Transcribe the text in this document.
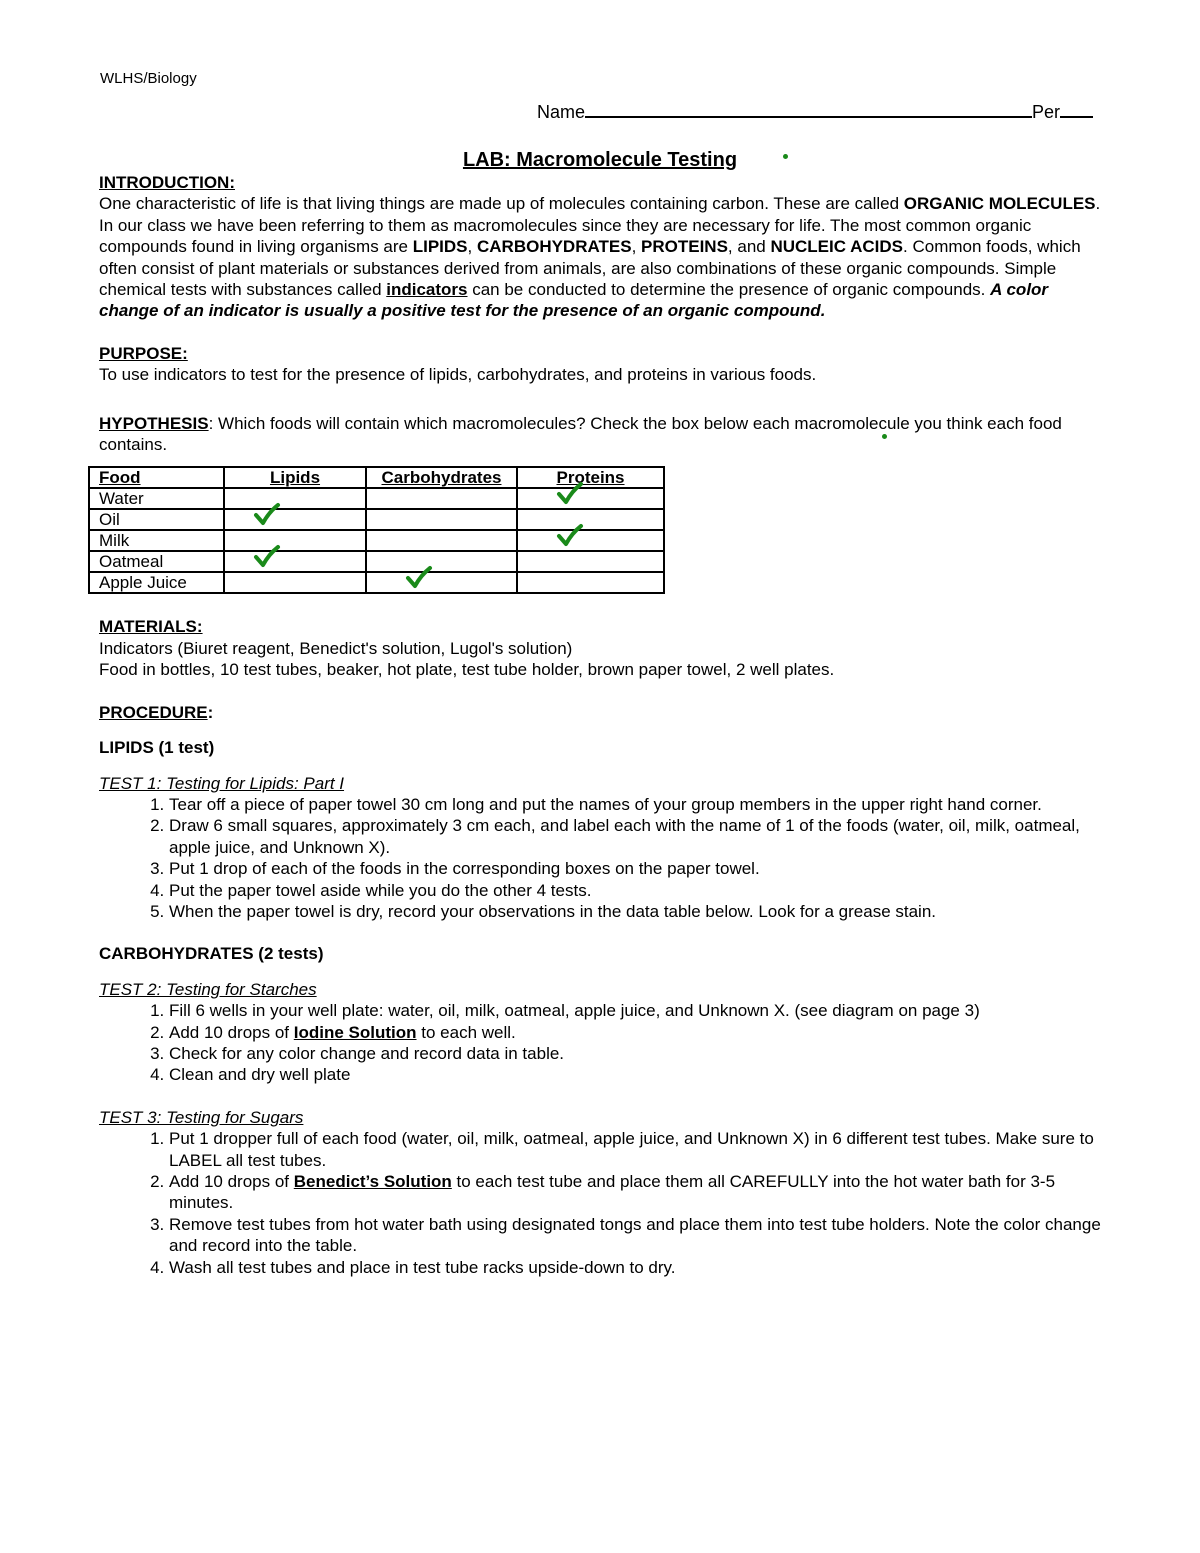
WLHS/Biology
Name	Per
LAB: Macromolecule Testing
INTRODUCTION:

One characteristic of life is that living things are made up of molecules containing carbon. These are called ORGANIC MOLECULES. In our class we have been referring to them as macromolecules since they are necessary for life. The most common organic compounds found in living organisms are LIPIDS, CARBOHYDRATES, PROTEINS, and NUCLEIC ACIDS. Common foods, which often consist of plant materials or substances derived from animals, are also combinations of these organic compounds. Simple chemical tests with substances called indicators can be conducted to determine the presence of organic compounds. A color change of an indicator is usually a positive test for the presence of an organic compound.

PURPOSE:

To use indicators to test for the presence of lipids, carbohydrates, and proteins in various foods.

HYPOTHESIS: Which foods will contain which macromolecules? Check the box below each macromolecule you think each food contains.

Food	Lipids	Carbohydrates	Proteins
Water			

Oil	

Milk			

Oatmeal	

Apple Juice		

MATERIALS:

Indicators (Biuret reagent, Benedict's solution, Lugol's solution)

Food in bottles, 10 test tubes, beaker, hot plate, test tube holder, brown paper towel, 2 well plates.

PROCEDURE:
LIPIDS (1 test)
TEST 1: Testing for Lipids: Part I
1. Tear off a piece of paper towel 30 cm long and put the names of your group members in the upper right hand corner.
2. Draw 6 small squares, approximately 3 cm each, and label each with the name of 1 of the foods (water, oil, milk, oatmeal, apple juice, and Unknown X).
3. Put 1 drop of each of the foods in the corresponding boxes on the paper towel.
4. Put the paper towel aside while you do the other 4 tests.
5. When the paper towel is dry, record your observations in the data table below. Look for a grease stain.
CARBOHYDRATES (2 tests)
TEST 2: Testing for Starches
1. Fill 6 wells in your well plate: water, oil, milk, oatmeal, apple juice, and Unknown X. (see diagram on page 3)
2. Add 10 drops of Iodine Solution to each well.
3. Check for any color change and record data in table.
4. Clean and dry well plate
TEST 3: Testing for Sugars
1. Put 1 dropper full of each food (water, oil, milk, oatmeal, apple juice, and Unknown X) in 6 different test tubes. Make sure to LABEL all test tubes.
2. Add 10 drops of Benedict’s Solution to each test tube and place them all CAREFULLY into the hot water bath for 3-5 minutes.
3. Remove test tubes from hot water bath using designated tongs and place them into test tube holders. Note the color change and record into the table.
4. Wash all test tubes and place in test tube racks upside-down to dry.
